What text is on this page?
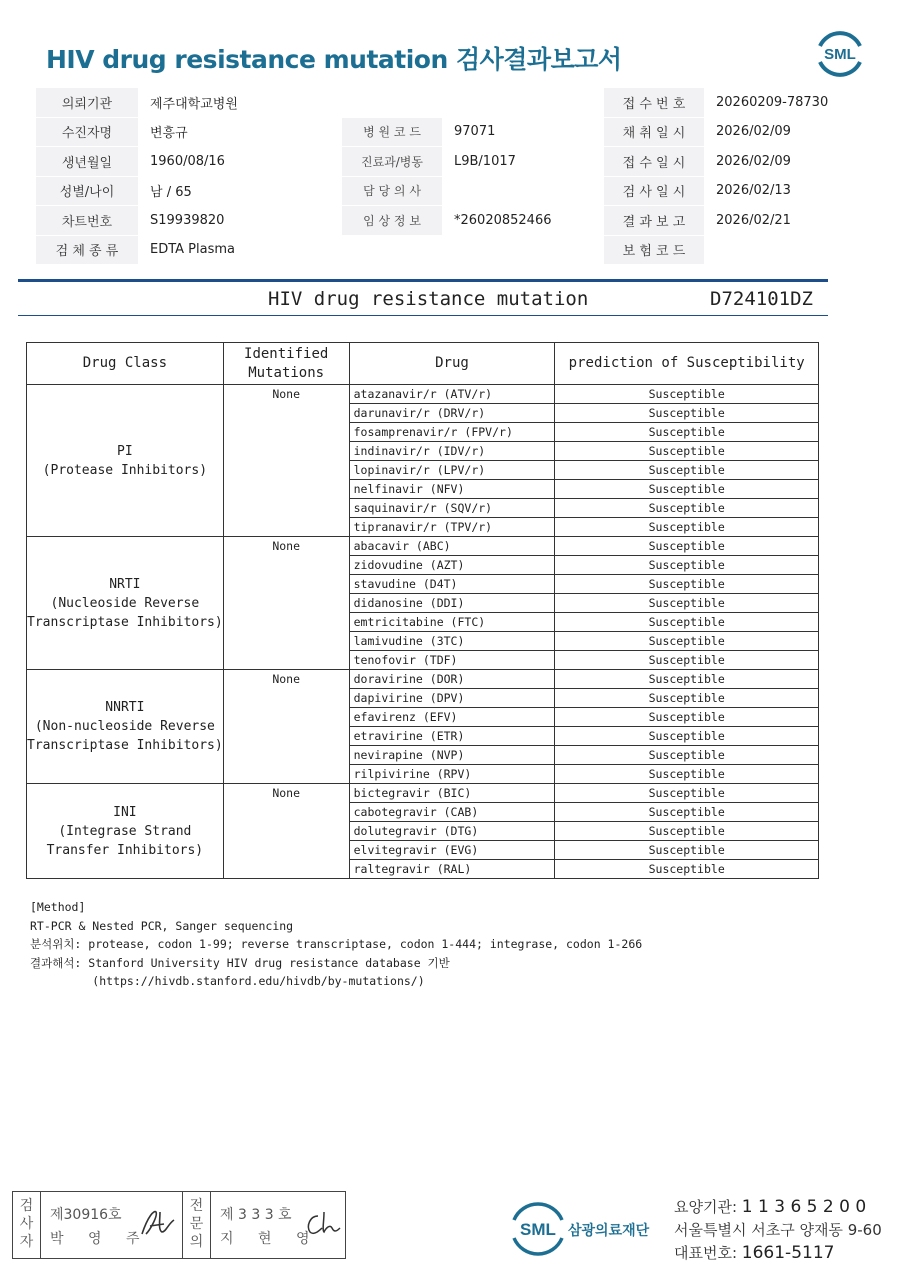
HIV drug resistance mutation 검사결과보고서	SML
의뢰기관	제주대학교병원			접 수 번 호	20260209-78730
수진자명	변흥규	병 원 코 드	97071	채 취 일 시	2026/02/09
생년월일	1960/08/16	진료과/병동	L9B/1017	접 수 일 시	2026/02/09
성별/나이	남 / 65	담 당 의 사		검 사 일 시	2026/02/13
차트번호	S19939820	임 상 정 보	*26020852466	결 과 보 고	2026/02/21
검 체 종 류	EDTA Plasma			보 험 코 드	
HIV drug resistance mutation	D724101DZ
Drug Class	Identified Mutations	Drug	prediction of Susceptibility

PI
(Protease Inhibitors)	None	atazanavir/r (ATV/r)	Susceptible
		darunavir/r (DRV/r)	Susceptible
		fosamprenavir/r (FPV/r)	Susceptible
		indinavir/r (IDV/r)	Susceptible
		lopinavir/r (LPV/r)	Susceptible
		nelfinavir (NFV)	Susceptible
		saquinavir/r (SQV/r)	Susceptible
		tipranavir/r (TPV/r)	Susceptible

NRTI
(Nucleoside Reverse
Transcriptase Inhibitors)	None	abacavir (ABC)	Susceptible
		zidovudine (AZT)	Susceptible
		stavudine (D4T)	Susceptible
		didanosine (DDI)	Susceptible
		emtricitabine (FTC)	Susceptible
		lamivudine (3TC)	Susceptible
		tenofovir (TDF)	Susceptible

NNRTI
(Non-nucleoside Reverse
Transcriptase Inhibitors)	None	doravirine (DOR)	Susceptible
		dapivirine (DPV)	Susceptible
		efavirenz (EFV)	Susceptible
		etravirine (ETR)	Susceptible
		nevirapine (NVP)	Susceptible
		rilpivirine (RPV)	Susceptible

INI
(Integrase Strand
Transfer Inhibitors)	None	bictegravir (BIC)	Susceptible
		cabotegravir (CAB)	Susceptible
		dolutegravir (DTG)	Susceptible
		elvitegravir (EVG)	Susceptible
		raltegravir (RAL)	Susceptible
[Method]
RT-PCR & Nested PCR, Sanger sequencing
분석위치: protease, codon 1-99; reverse transcriptase, codon 1-444; integrase, codon 1-266
결과해석: Stanford University HIV drug resistance database 기반
(https://hivdb.stanford.edu/hivdb/by-mutations/)
검
사
자
제30916호
박 영 주
전
문
의
제 3 3 3 호
지 현 영	SML 삼광의료재단
요양기관: 1 1 3 6 5 2 0 0
서울특별시 서초구 양재동 9-60
대표번호: 1661-5117
